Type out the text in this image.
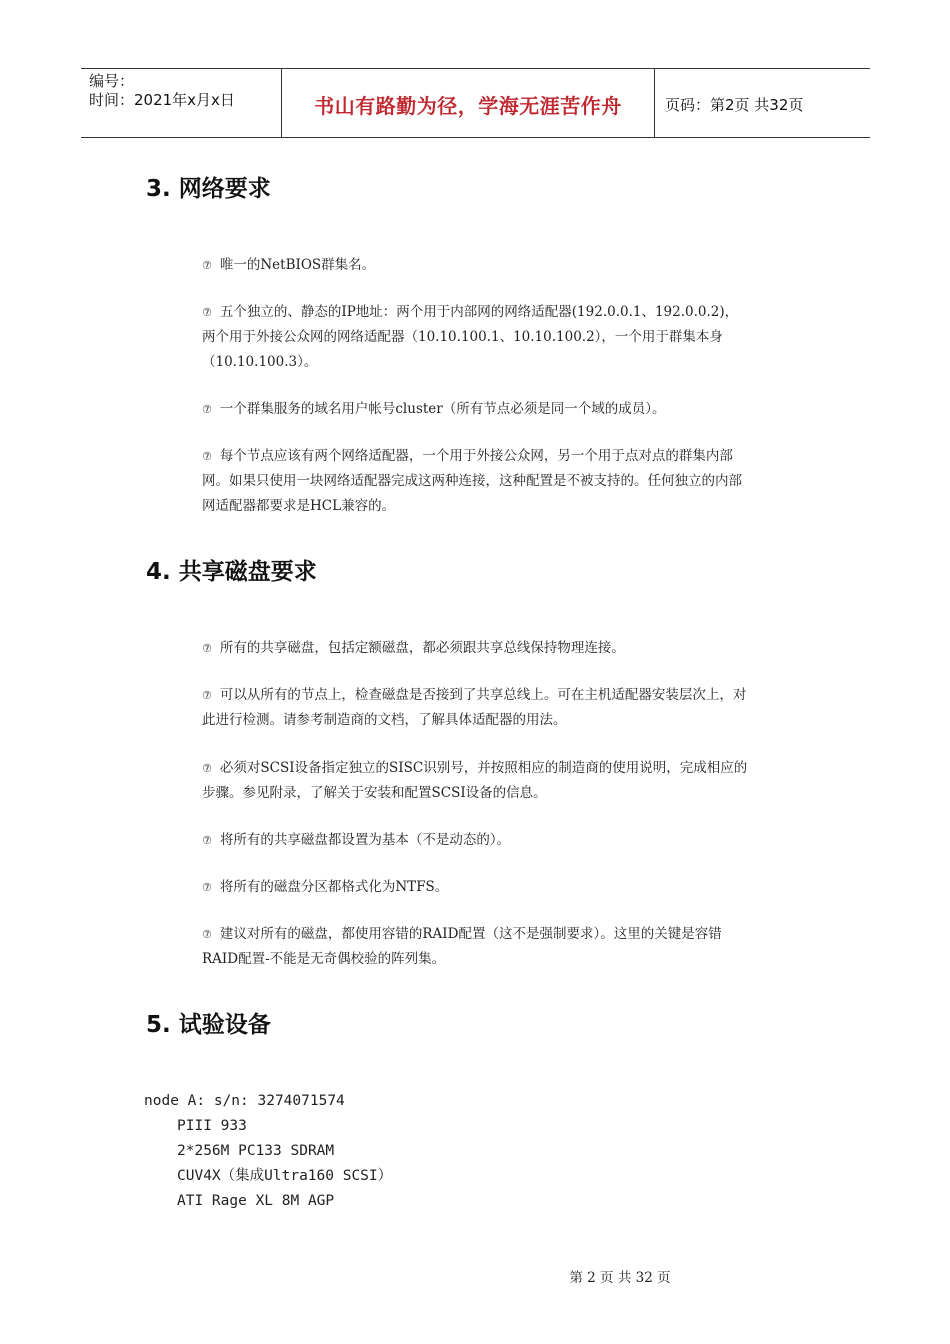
编号：
时间：2021年x月x日	书山有路勤为径，学海无涯苦作舟	页码：第2页 共32页
3. 网络要求
⑦ 唯一的NetBIOS群集名。
⑦ 五个独立的、静态的IP地址：两个用于内部网的网络适配器(192.0.0.1、192.0.0.2)，两个用于外接公众网的网络适配器（10.10.100.1、10.10.100.2），一个用于群集本身（10.10.100.3）。
⑦ 一个群集服务的域名用户帐号cluster（所有节点必须是同一个域的成员）。
⑦ 每个节点应该有两个网络适配器，一个用于外接公众网，另一个用于点对点的群集内部网。如果只使用一块网络适配器完成这两种连接，这种配置是不被支持的。任何独立的内部网适配器都要求是HCL兼容的。
4. 共享磁盘要求
⑦ 所有的共享磁盘，包括定额磁盘，都必须跟共享总线保持物理连接。
⑦ 可以从所有的节点上，检查磁盘是否接到了共享总线上。可在主机适配器安装层次上，对此进行检测。请参考制造商的文档，了解具体适配器的用法。
⑦ 必须对SCSI设备指定独立的SISC识别号，并按照相应的制造商的使用说明，完成相应的步骤。参见附录，了解关于安装和配置SCSI设备的信息。
⑦ 将所有的共享磁盘都设置为基本（不是动态的）。
⑦ 将所有的磁盘分区都格式化为NTFS。
⑦ 建议对所有的磁盘，都使用容错的RAID配置（这不是强制要求）。这里的关键是容错RAID配置-不能是无奇偶校验的阵列集。
5. 试验设备
node A: s/n: 3274071574
PIII 933
2*256M PC133 SDRAM
CUV4X（集成Ultra160 SCSI）
ATI Rage XL 8M AGP
第 2 页 共 32 页
